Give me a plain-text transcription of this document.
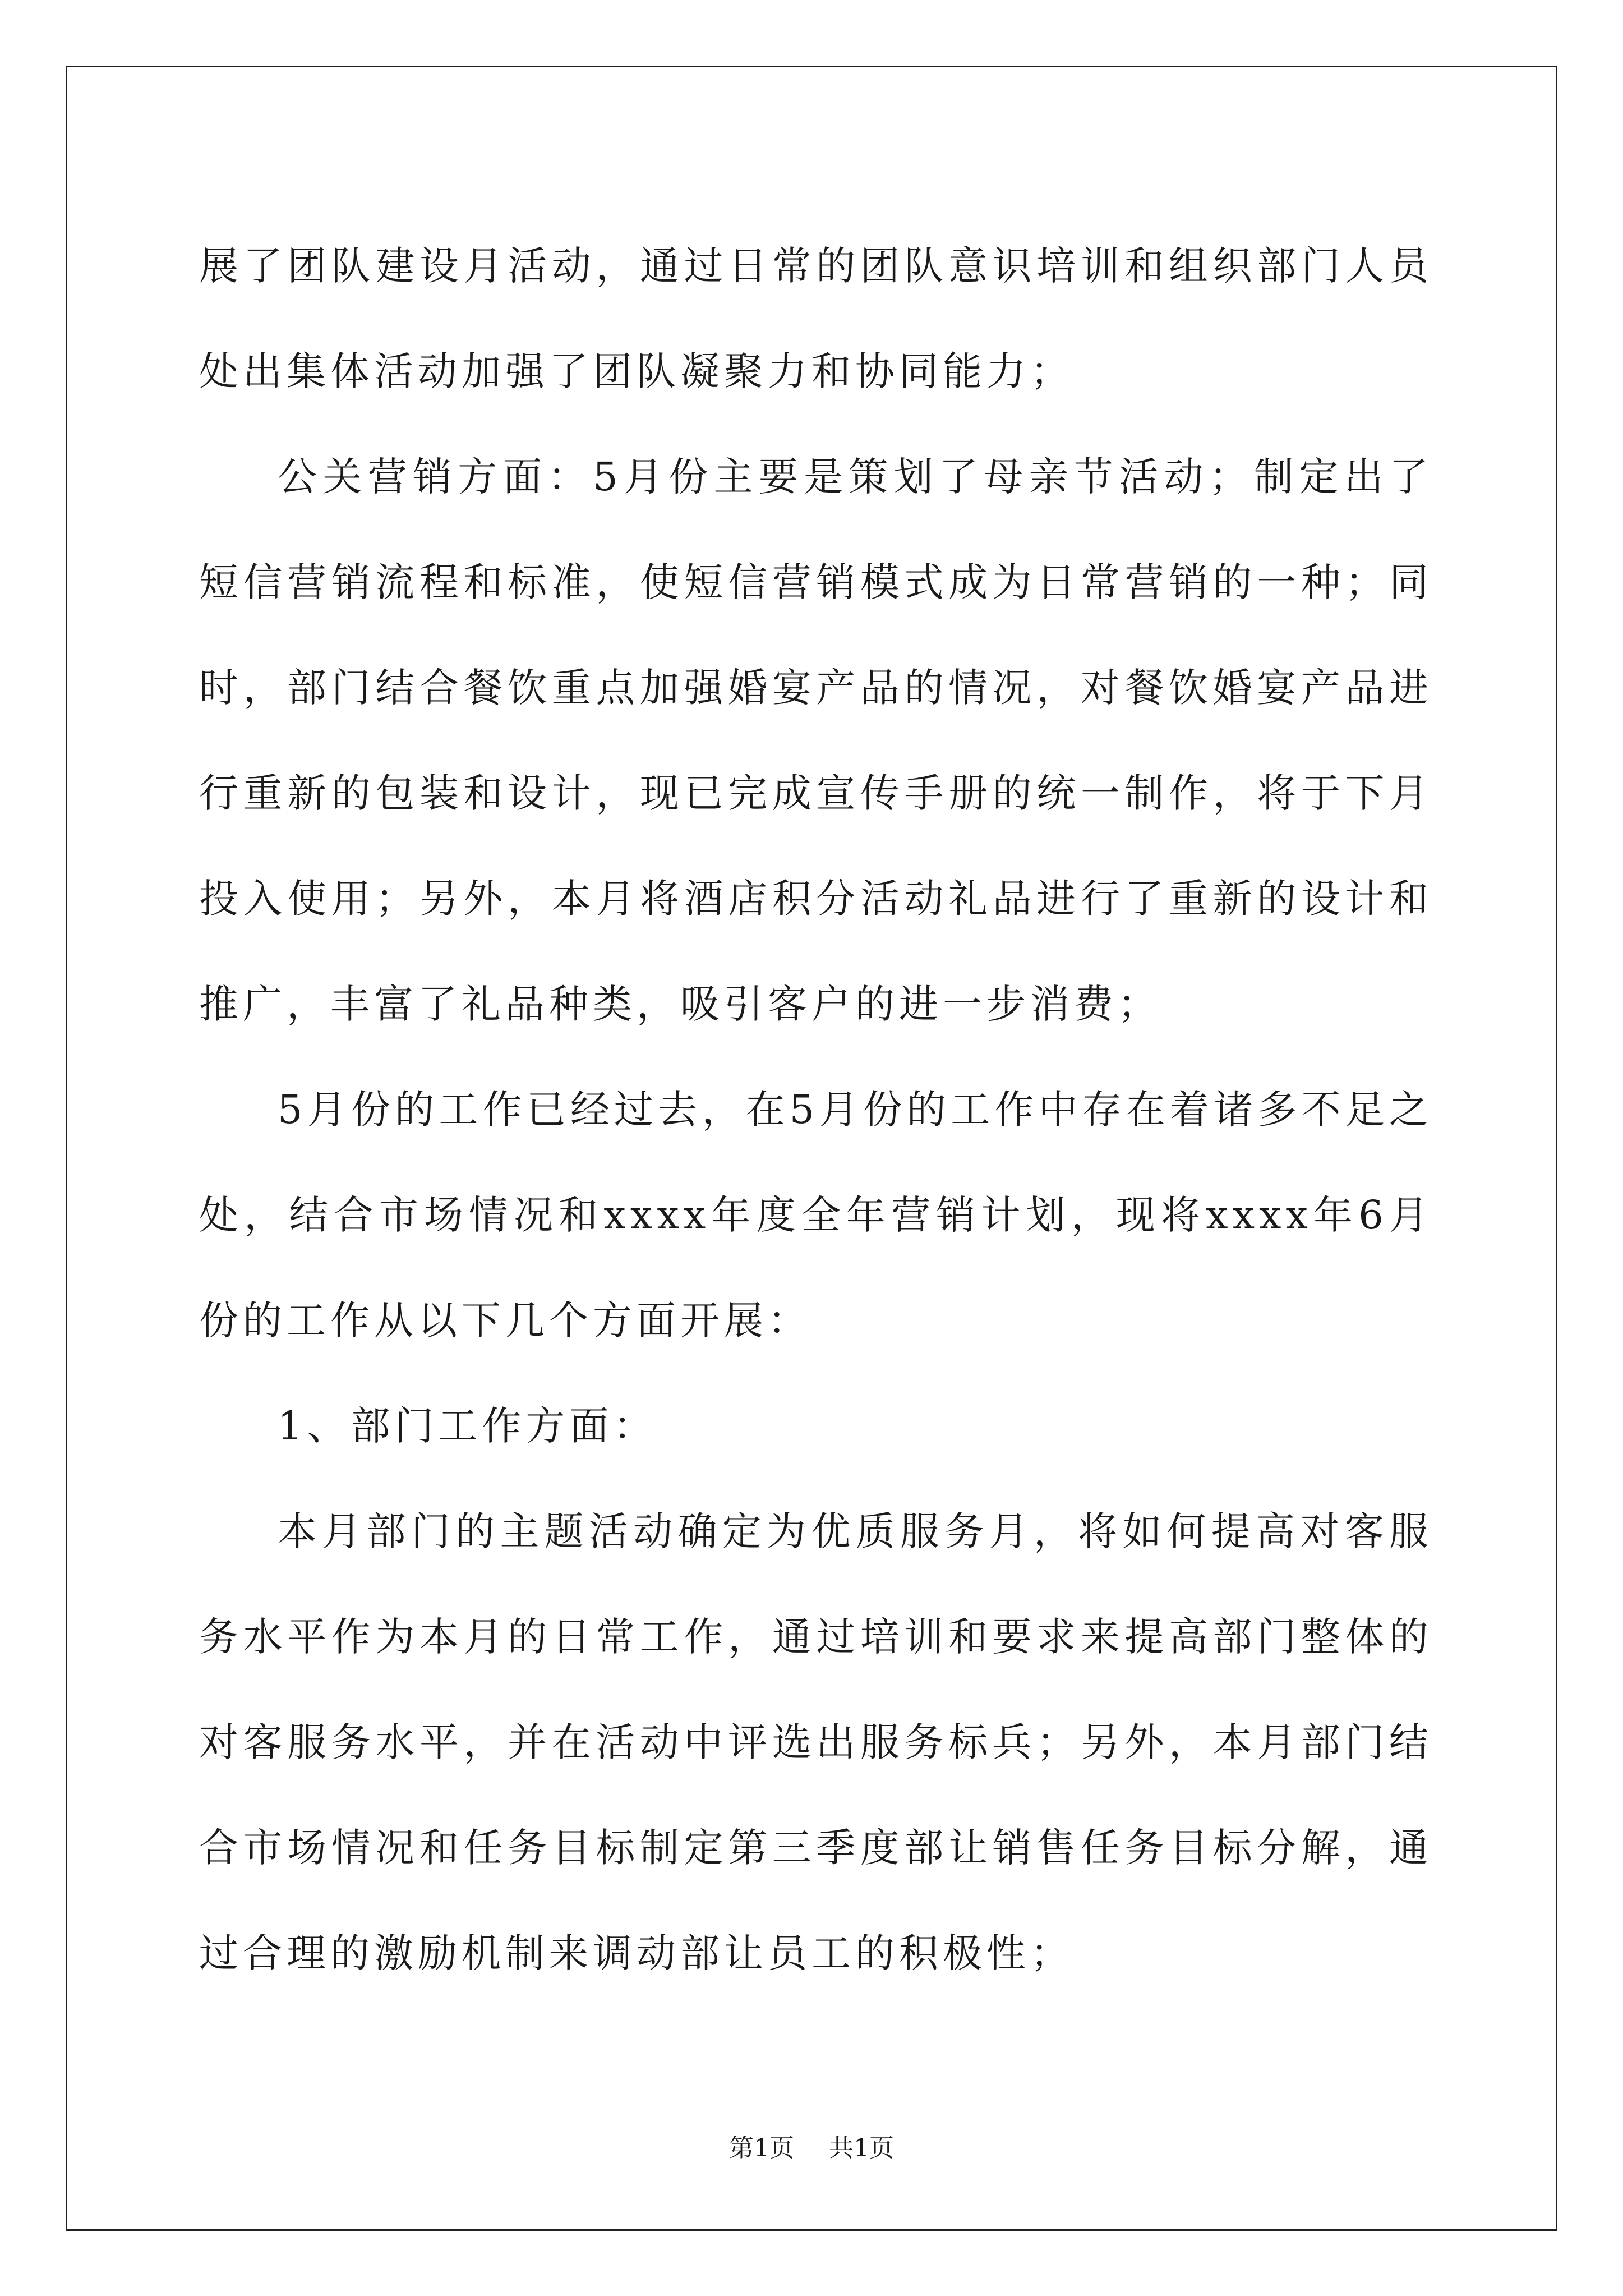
展了团队建设月活动，通过日常的团队意识培训和组织部门人员处出集体活动加强了团队凝聚力和协同能力；

公关营销方面：5月份主要是策划了母亲节活动；制定出了短信营销流程和标准，使短信营销模式成为日常营销的一种；同时，部门结合餐饮重点加强婚宴产品的情况，对餐饮婚宴产品进行重新的包装和设计，现已完成宣传手册的统一制作，将于下月投入使用；另外，本月将酒店积分活动礼品进行了重新的设计和推广，丰富了礼品种类，吸引客户的进一步消费；

5月份的工作已经过去，在5月份的工作中存在着诸多不足之处，结合市场情况和xxxx年度全年营销计划，现将xxxx年6月份的工作从以下几个方面开展：

1、部门工作方面：

本月部门的主题活动确定为优质服务月，将如何提高对客服务水平作为本月的日常工作，通过培训和要求来提高部门整体的对客服务水平，并在活动中评选出服务标兵；另外，本月部门结合市场情况和任务目标制定第三季度部让销售任务目标分解，通过合理的激励机制来调动部让员工的积极性；

第1页 共1页
